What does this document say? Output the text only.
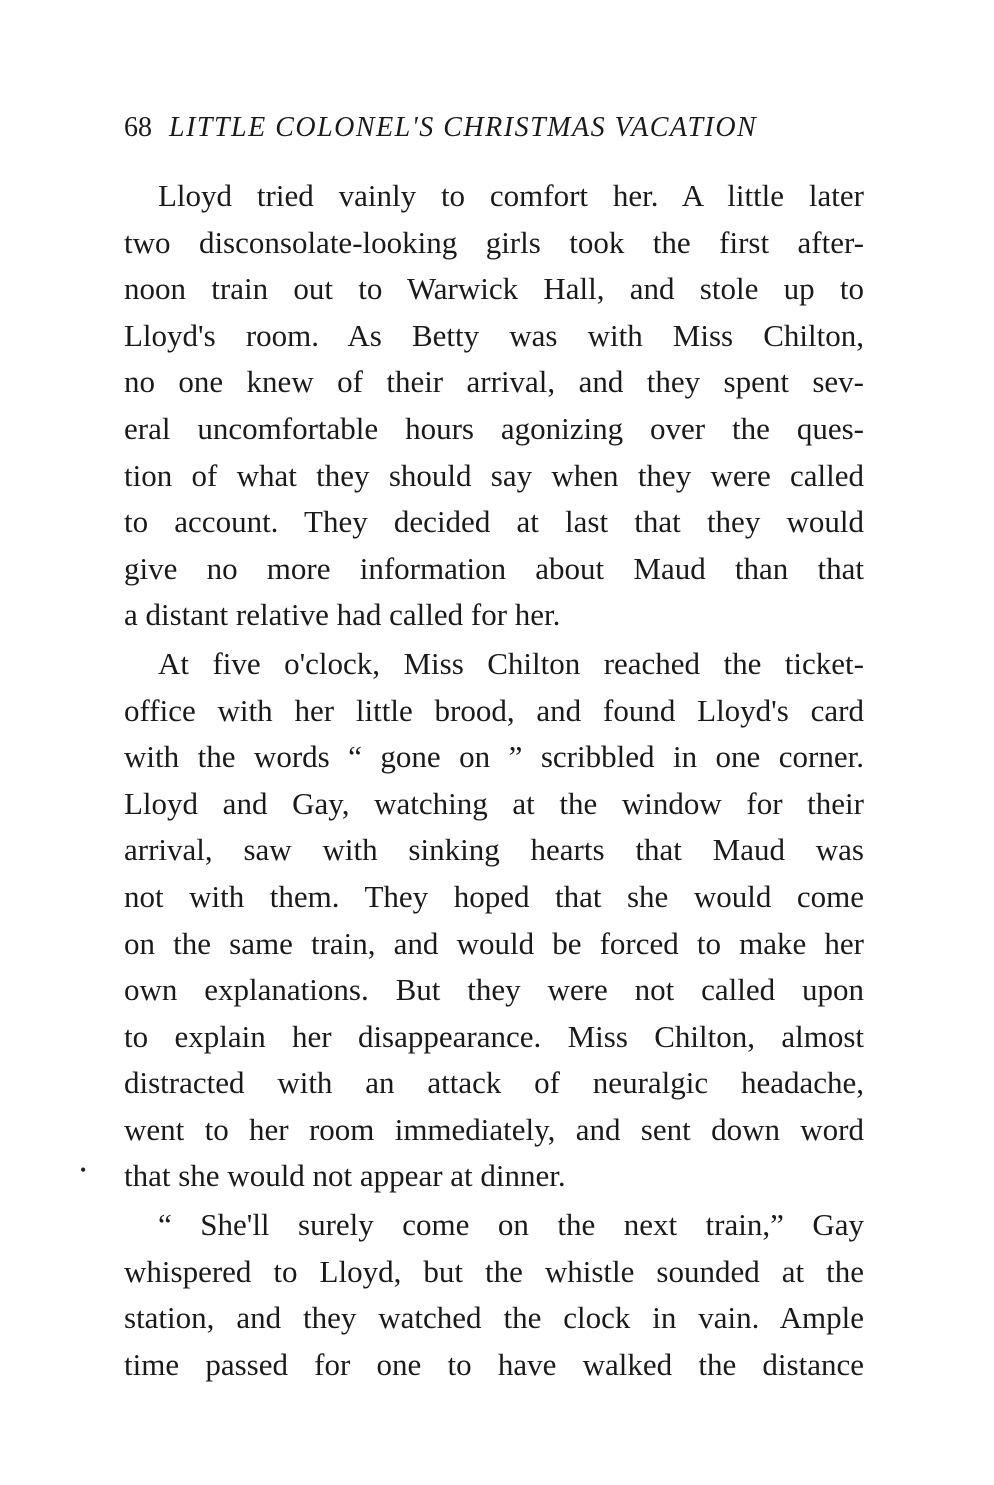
68 LITTLE COLONEL'S CHRISTMAS VACATION
Lloyd tried vainly to comfort her. A little later
two disconsolate-looking girls took the first after-
noon train out to Warwick Hall, and stole up to
Lloyd's room. As Betty was with Miss Chilton,
no one knew of their arrival, and they spent sev-
eral uncomfortable hours agonizing over the ques-
tion of what they should say when they were called
to account. They decided at last that they would
give no more information about Maud than that
a distant relative had called for her.
At five o'clock, Miss Chilton reached the ticket-
office with her little brood, and found Lloyd's card
with the words “ gone on ” scribbled in one corner.
Lloyd and Gay, watching at the window for their
arrival, saw with sinking hearts that Maud was
not with them. They hoped that she would come
on the same train, and would be forced to make her
own explanations. But they were not called upon
to explain her disappearance. Miss Chilton, almost
distracted with an attack of neuralgic headache,
went to her room immediately, and sent down word
that she would not appear at dinner.
“ She'll surely come on the next train,” Gay
whispered to Lloyd, but the whistle sounded at the
station, and they watched the clock in vain. Ample
time passed for one to have walked the distance
•
